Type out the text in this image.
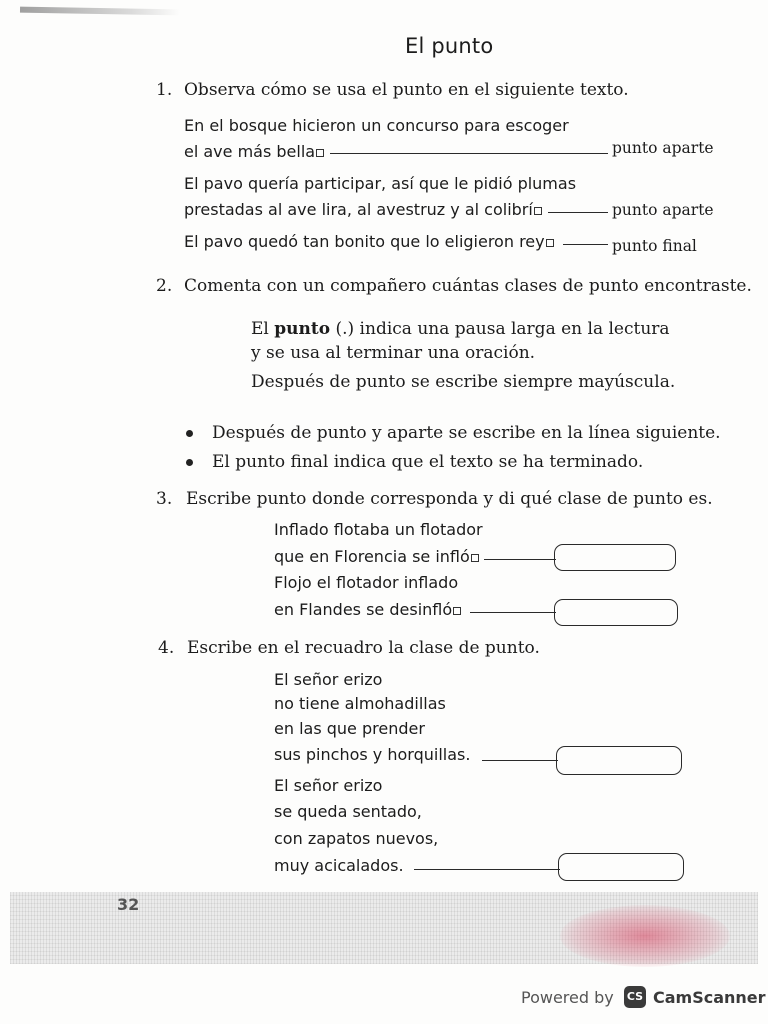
El punto
1. Observa cómo se usa el punto en el siguiente texto.
En el bosque hicieron un concurso para escoger
el ave más bella	punto aparte
El pavo quería participar, así que le pidió plumas
prestadas al ave lira, al avestruz y al colibrí	punto aparte
El pavo quedó tan bonito que lo eligieron rey	punto final
2. Comenta con un compañero cuántas clases de punto encontraste.
El punto (.) indica una pausa larga en la lectura
y se usa al terminar una oración.
Después de punto se escribe siempre mayúscula.
Después de punto y aparte se escribe en la línea siguiente.
El punto final indica que el texto se ha terminado.
3. Escribe punto donde corresponda y di qué clase de punto es.
Inflado flotaba un flotador
que en Florencia se infló
Flojo el flotador inflado
en Flandes se desinfló
4. Escribe en el recuadro la clase de punto.
El señor erizo
no tiene almohadillas
en las que prender
sus pinchos y horquillas.
El señor erizo
se queda sentado,
con zapatos nuevos,
muy acicalados.
32
Powered by CS CamScanner
